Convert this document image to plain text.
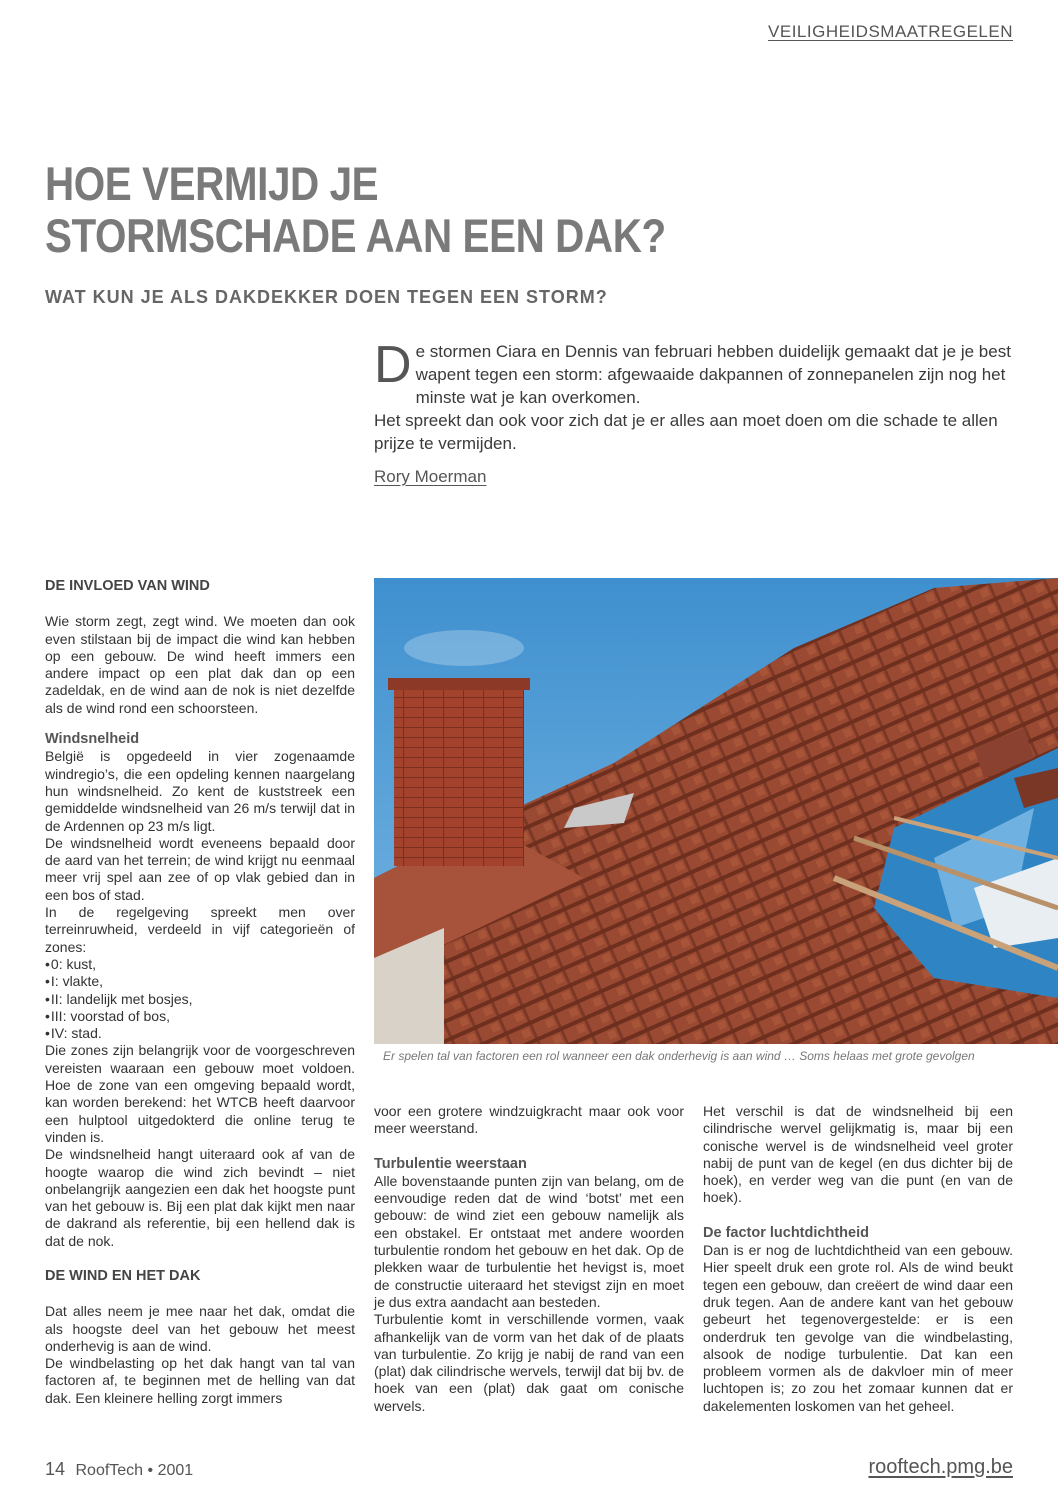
VEILIGHEIDSMAATREGELEN
HOE VERMIJD JE
STORMSCHADE AAN EEN DAK?
WAT KUN JE ALS DAKDEKKER DOEN TEGEN EEN STORM?
D e stormen Ciara en Dennis van februari hebben duidelijk gemaakt dat je je best wapent tegen een storm: afgewaaide dakpannen of zonnepanelen zijn nog het minste wat je kan overkomen.

Het spreekt dan ook voor zich dat je er alles aan moet doen om die schade te allen prijze te vermijden.

Rory Moerman
DE INVLOED VAN WIND

Wie storm zegt, zegt wind. We moeten dan ook even stilstaan bij de impact die wind kan hebben op een gebouw. De wind heeft immers een andere impact op een plat dak dan op een zadeldak, en de wind aan de nok is niet dezelfde als de wind rond een schoorsteen.

Windsnelheid

België is opgedeeld in vier zogenaamde windregio’s, die een opdeling kennen naargelang hun windsnelheid. Zo kent de kuststreek een gemiddelde windsnelheid van 26 m/s terwijl dat in de Ardennen op 23 m/s ligt.

De windsnelheid wordt eveneens bepaald door de aard van het terrein; de wind krijgt nu eenmaal meer vrij spel aan zee of op vlak gebied dan in een bos of stad.

In de regelgeving spreekt men over terreinruwheid, verdeeld in vijf categorieën of zones:

• 0: kust,
• I: vlakte,
• II: landelijk met bosjes,
• III: voorstad of bos,
• IV: stad.

Die zones zijn belangrijk voor de voorgeschreven vereisten waaraan een gebouw moet voldoen. Hoe de zone van een omgeving bepaald wordt, kan worden berekend: het WTCB heeft daarvoor een hulptool uitgedokterd die online terug te vinden is.

De windsnelheid hangt uiteraard ook af van de hoogte waarop die wind zich bevindt – niet onbelangrijk aangezien een dak het hoogste punt van het gebouw is. Bij een plat dak kijkt men naar de dakrand als referentie, bij een hellend dak is dat de nok.

DE WIND EN HET DAK

Dat alles neem je mee naar het dak, omdat die als hoogste deel van het gebouw het meest onderhevig is aan de wind.

De windbelasting op het dak hangt van tal van factoren af, te beginnen met de helling van dat dak. Een kleinere helling zorgt immers

Er spelen tal van factoren een rol wanneer een dak onderhevig is aan wind … Soms helaas met grote gevolgen

voor een grotere windzuigkracht maar ook voor meer weerstand.

Turbulentie weerstaan

Alle bovenstaande punten zijn van belang, om de eenvoudige reden dat de wind ‘botst’ met een gebouw: de wind ziet een gebouw namelijk als een obstakel. Er ontstaat met andere woorden turbulentie rondom het gebouw en het dak. Op de plekken waar de turbulentie het hevigst is, moet de constructie uiteraard het stevigst zijn en moet je dus extra aandacht aan besteden.

Turbulentie komt in verschillende vormen, vaak afhankelijk van de vorm van het dak of de plaats van turbulentie. Zo krijg je nabij de rand van een (plat) dak cilindrische wervels, terwijl dat bij bv. de hoek van een (plat) dak gaat om conische wervels.

Het verschil is dat de windsnelheid bij een cilindrische wervel gelijkmatig is, maar bij een conische wervel is de windsnelheid veel groter nabij de punt van de kegel (en dus dichter bij de hoek), en verder weg van die punt (en van de hoek).

De factor luchtdichtheid

Dan is er nog de luchtdichtheid van een gebouw. Hier speelt druk een grote rol. Als de wind beukt tegen een gebouw, dan creëert de wind daar een druk tegen. Aan de andere kant van het gebouw gebeurt het tegenovergestelde: er is een onderdruk ten gevolge van die windbelasting, alsook de nodige turbulentie. Dat kan een probleem vormen als de dakvloer min of meer luchtopen is; zo zou het zomaar kunnen dat er dakelementen loskomen van het geheel.

14 RoofTech • 2001	rooftech.pmg.be
